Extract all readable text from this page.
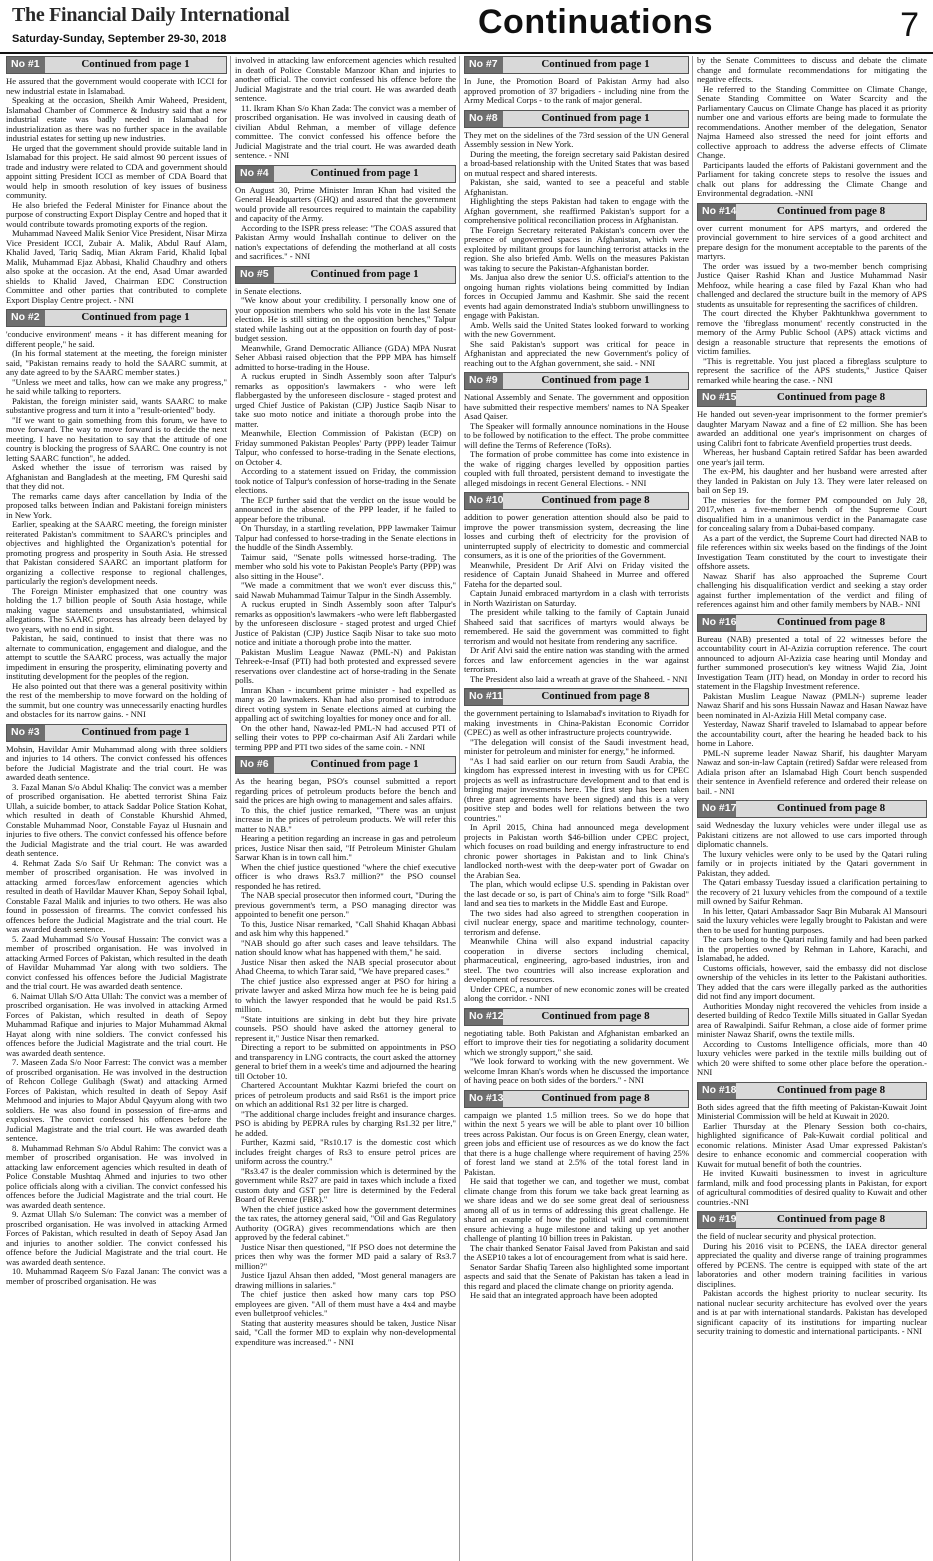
The Financial Daily International
Saturday-Sunday, September 29-30, 2018	Continuations	7
No #1	Continued from page 1

He assured that the government would cooperate with ICCI for new industrial estate in Islamabad.

Speaking at the occasion, Sheikh Amir Waheed, President, Islamabad Chamber of Commerce & Industry said that a new industrial estate was badly needed in Islamabad for industrialization as there was no further space in the available industrial estates for setting up new industries.

He urged that the government should provide suitable land in Islamabad for this project. He said almost 90 percent issues of trade and industry were related to CDA and government should appoint sitting President ICCI as member of CDA Board that would help in smooth resolution of key issues of business community.

He also briefed the Federal Minister for Finance about the purpose of constructing Export Display Centre and hoped that it would contribute towards promoting exports of the region.

Muhammad Naveed Malik Senior Vice President, Nisar Mirza Vice President ICCI, Zubair A. Malik, Abdul Rauf Alam, Khalid Javed, Tariq Sadiq, Mian Akram Farid, Khalid Iqbal Malik, Muhammad Ejaz Abbasi, Khalid Chaudhry and others also spoke at the occasion. At the end, Asad Umar awarded shields to Khalid Javed, Chairman EDC Construction Committee and other parties that contributed to complete Export Display Centre project. - NNI

No #2	Continued from page 1

'conducive environment' means - it has different meaning for different people," he said.

(In his formal statement at the meeting, the foreign minister said, "Pakistan remains ready to hold the SAARC summit, at any date agreed to by the SAARC member states.)

"Unless we meet and talks, how can we make any progress," he said while talking to reporters.

Pakistan, the foreign minister said, wants SAARC to make substantive progress and turn it into a "result-oriented" body.

"If we want to gain something from this forum, we have to move forward. The way to move forward is to decide the next meeting. I have no hesitation to say that the attitude of one country is blocking the progress of SAARC. One country is not letting SAARC function", he added.

Asked whether the issue of terrorism was raised by Afghanistan and Bangladesh at the meeting, FM Qureshi said that they did not.

The remarks came days after cancellation by India of the proposed talks between Indian and Pakistani foreign ministers in New York.

Earlier, speaking at the SAARC meeting, the foreign minister reiterated Pakistan's commitment to SAARC's principles and objectives and highlighted the Organization's potential for promoting progress and prosperity in South Asia. He stressed that Pakistan considered SAARC an important platform for organizing a collective response to regional challenges, particularly the region's development needs.

The Foreign Minister emphasized that one country was holding the 1.7 billion people of South Asia hostage, while making vague statements and unsubstantiated, whimsical allegations. The SAARC process has already been delayed by two years, with no end in sight.

Pakistan, he said, continued to insist that there was no alternate to communication, engagement and dialogue, and the attempt to scuttle the SAARC process, was actually the major impediment in ensuring the prosperity, eliminating poverty and instituting development for the peoples of the region.

He also pointed out that there was a general positivity within the rest of the membership to move forward on the holding of the summit, but one country was unnecessarily enacting hurdles and obstacles for its narrow gains. - NNI

No #3	Continued from page 1

Mohsin, Havildar Amir Muhammad along with three soldiers and injuries to 14 others. The convict confessed his offences before the Judicial Magistrate and the trial court. He was awarded death sentence.

3. Fazal Manan S/o Abdul Khaliq: The convict was a member of proscribed organisation. He abetted terrorist Shina Faiz Ullah, a suicide bomber, to attack Saddar Police Station Kohat, which resulted in death of Constable Khurshid Ahmed, Constable Muhammad Noor, Constable Fayaz ul Husnain and injuries to five others. The convict confessed his offence before the Judicial Magistrate and the trial court. He was awarded death sentence.

4. Rehmat Zada S/o Saif Ur Rehman: The convict was a member of proscribed organisation. He was involved in attacking armed forces/law enforcement agencies which resulted in death of Havildar Mauver Khan, Sepoy Sohail Iqbal, Constable Fazal Malik and injuries to two others. He was also found in possession of firearms. The convict confessed his offences before the Judicial Magistrate and the trial court. He was awarded death sentence.

5. Zaad Muhammad S/o Yousaf Hussain: The convict was a member of proscribed organisation. He was involved in attacking Armed Forces of Pakistan, which resulted in the death of Havildar Muhammad Yar along with two soldiers. The convict confessed his offences before the Judicial Magistrate and the trial court. He was awarded death sentence.

6. Naimat Ullah S/O Atta Ullah: The convict was a member of proscribed organisation. He was involved in attacking Armed Forces of Pakistan, which resulted in death of Sepoy Muhammad Rafique and injuries to Major Muhammad Akmal Hayat along with nine soldiers. The convict confessed his offences before the Judicial Magistrate and the trial court. He was awarded death sentence.

7. Maseen Zada S/o Noor Farrest: The convict was a member of proscribed organisation. He was involved in the destruction of Rehcon College Gulibagh (Swat) and attacking Armed Forces of Pakistan, which resulted in death of Sepoy Asif Mehmood and injuries to Major Abdul Qayyum along with two soldiers. He was also found in possession of fire-arms and explosives. The convict confessed his offences before the Judicial Magistrate and the trial court. He was awarded death sentence.

8. Muhammad Rehman S/o Abdul Rahim: The convict was a member of proscribed organisation. He was involved in attacking law enforcement agencies which resulted in death of Police Constable Mushtaq Ahmed and injuries to two other police officials along with a civilian. The convict confessed his offences before the Judicial Magistrate and the trial court. He was awarded death sentence.

9. Azmat Ullah S/o Suleman: The convict was a member of proscribed organisation. He was involved in attacking Armed Forces of Pakistan, which resulted in death of Sepoy Asad Jan and injuries to another soldier. The convict confessed his offence before the Judicial Magistrate and the trial court. He was awarded death sentence.

10. Muhammad Raqeem S/o Fazal Janan: The convict was a member of proscribed organisation. He was

involved in attacking law enforcement agencies which resulted in death of Police Constable Manzoor Khan and injuries to another official. The convict confessed his offence before the Judicial Magistrate and the trial court. He was awarded death sentence.

11. Ikram Khan S/o Khan Zada: The convict was a member of proscribed organisation. He was involved in causing death of civilian Abdul Rehman, a member of village defence committee. The convict confessed his offence before the Judicial Magistrate and the trial court. He was awarded death sentence. - NNI

No #4	Continued from page 1

On August 30, Prime Minister Imran Khan had visited the General Headquarters (GHQ) and assured that the government would provide all resources required to maintain the capability and capacity of the Army.

According to the ISPR press release: "The COAS assured that Pakistan Army would Inshallah continue to deliver on the nation's expectations of defending the motherland at all costs and sacrifices." - NNI

No #5	Continued from page 1

in Senate elections.

"We know about your credibility. I personally know one of your opposition members who sold his vote in the last Senate election. He is still sitting on the opposition benches," Talpur stated while lashing out at the opposition on fourth day of post-budget session.

Meanwhile, Grand Democratic Alliance (GDA) MPA Nusrat Seher Abbasi raised objection that the PPP MPA has himself admitted to horse-trading in the House.

A ruckus erupted in Sindh Assembly soon after Talpur's remarks as opposition's lawmakers - who were left flabbergasted by the unforeseen disclosure - staged protest and urged Chief Justice of Pakistan (CJP) Justice Saqib Nisar to take suo moto notice and initiate a thorough probe into the matter.

Meanwhile, Election Commission of Pakistan (ECP) on Friday summoned Pakistan Peoples' Party (PPP) leader Taimur Talpur, who confessed to horse-trading in the Senate elections, on October 4.

According to a statement issued on Friday, the commission took notice of Talpur's confession of horse-trading in the Senate elections.

The ECP further said that the verdict on the issue would be announced in the absence of the PPP leader, if he failed to appear before the tribunal.

On Thursday, in a startling revelation, PPP lawmaker Taimur Talpur had confessed to horse-trading in the Senate elections in the huddle of the Sindh Assembly.

Taimur said, "Senate polls witnessed horse-trading. The member who sold his vote to Pakistan People's Party (PPP) was also sitting in the House".

"We made a commitment that we won't ever discuss this," said Nawab Muhammad Taimur Talpur in the Sindh Assembly.

A ruckus erupted in Sindh Assembly soon after Talpur's remarks as opposition's lawmakers -who were left flabbergasted by the unforeseen disclosure - staged protest and urged Chief Justice of Pakistan (CJP) Justice Saqib Nisar to take suo moto notice and initiate a thorough probe into the matter.

Pakistan Muslim League Nawaz (PML-N) and Pakistan Tehreek-e-Insaf (PTI) had both protested and expressed severe reservations over clandestine act of horse-trading in the Senate polls.

Imran Khan - incumbent prime minister - had expelled as many as 20 lawmakers. Khan had also promised to introduce direct voting system in Senate elections aimed at curbing the appalling act of switching loyalties for money once and for all.

On the other hand, Nawaz-led PML-N had accused PTI of selling their votes to PPP co-chairman Asif Ali Zardari while terming PPP and PTI two sides of the same coin. - NNI

No #6	Continued from page 1

As the hearing began, PSO's counsel submitted a report regarding prices of petroleum products before the bench and said the prices are high owing to management and sales affairs.

To this, the chief justice remarked, "There was an unjust increase in the prices of petroleum products. We will refer this matter to NAB."

Hearing a petition regarding an increase in gas and petroleum prices, Justice Nisar then said, "If Petroleum Minister Ghulam Sarwar Khan is in town call him."

When the chief justice questioned "where the chief executive officer is who draws Rs3.7 million?" the PSO counsel responded he has retired.

The NAB special prosecutor then informed court, "During the previous government's term, a PSO managing director was appointed to benefit one person."

To this, Justice Nisar remarked, "Call Shahid Khaqan Abbasi and ask him why this happened."

"NAB should go after such cases and leave tehsildars. The nation should know what has happened with them," he said.

Justice Nisar then asked the NAB special prosecutor about Ahad Cheema, to which Tarar said, "We have prepared cases."

The chief justice also expressed anger at PSO for hiring a private lawyer and asked Mirza how much fee he is being paid to which the lawyer responded that he would be paid Rs1.5 million.

"State intuitions are sinking in debt but they hire private counsels. PSO should have asked the attorney general to represent it," Justice Nisar then remarked.

Directing a report to be submitted on appointments in PSO and transparency in LNG contracts, the court asked the attorney general to brief them in a week's time and adjourned the hearing till October 10.

Chartered Accountant Mukhtar Kazmi briefed the court on prices of petroleum products and said Rs61 is the import price on which an additional Rs1 32 per litre is charged.

"The additional charge includes freight and insurance charges. PSO is abiding by PEPRA rules by charging Rs1.32 per litre," he added.

Further, Kazmi said, "Rs10.17 is the domestic cost which includes freight charges of Rs3 to ensure petrol prices are uniform across the country."

"Rs3.47 is the dealer commission which is determined by the government while Rs27 are paid in taxes which include a fixed custom duty and GST per litre is determined by the Federal Board of Revenue (FBR)."

When the chief justice asked how the government determines the tax rates, the attorney general said, "Oil and Gas Regulatory Authority (OGRA) gives recommendations which are then approved by the federal cabinet."

Justice Nisar then questioned, "If PSO does not determine the prices then why was the former MD paid a salary of Rs3.7 million?"

Justice Ijazul Ahsan then added, "Most general managers are drawing millions in salaries."

The chief justice then asked how many cars top PSO employees are given. "All of them must have a 4x4 and maybe even bulletproof vehicles."

Stating that austerity measures should be taken, Justice Nisar said, "Call the former MD to explain why non-developmental expenditure was increased." - NNI

No #7	Continued from page 1

In June, the Promotion Board of Pakistan Army had also approved promotion of 37 brigadiers - including nine from the Army Medical Corps - to the rank of major general.

No #8	Continued from page 1

They met on the sidelines of the 73rd session of the UN General Assembly session in New York.

During the meeting, the foreign secretary said Pakistan desired a broad-based relationship with the United States that was based on mutual respect and shared interests.

Pakistan, she said, wanted to see a peaceful and stable Afghanistan.

Highlighting the steps Pakistan had taken to engage with the Afghan government, she reaffirmed Pakistan's support for a comprehensive political reconciliation process in Afghanistan.

The Foreign Secretary reiterated Pakistan's concern over the presence of ungoverned spaces in Afghanistan, which were exploited by militant groups for launching terrorist attacks in the region. She also briefed Amb. Wells on the measures Pakistan was taking to secure the Pakistan-Afghanistan border.

Ms. Janjua also drew the senior U.S. official's attention to the ongoing human rights violations being committed by Indian forces in Occupied Jammu and Kashmir. She said the recent events had again demonstrated India's stubborn unwillingness to engage with Pakistan.

Amb. Wells said the United States looked forward to working with the new Government.

She said Pakistan's support was critical for peace in Afghanistan and appreciated the new Government's policy of reaching out to the Afghan government, she said. - NNI

No #9	Continued from page 1

National Assembly and Senate. The government and opposition have submitted their respective members' names to NA Speaker Asad Qaiser.

The Speaker will formally announce nominations in the House to be followed by notification to the effect. The probe committee will define the Terms of Reference (ToRs).

The formation of probe committee has come into existence in the wake of rigging charges levelled by opposition parties coupled with full throated, persistent demand to investigate the alleged misdoings in recent General Elections. - NNI

No #10	Continued from page 8

addition to power generation attention should also be paid to improve the power transmission system, decreasing the line losses and curbing theft of electricity for the provision of uninterrupted supply of electricity to domestic and commercial consumers, as it is one of the priorities of the Government.

Meanwhile, President Dr Arif Alvi on Friday visited the residence of Captain Junaid Shaheed in Murree and offered Fateha for the departed soul.

Captain Junaid embraced martyrdom in a clash with terrorists in North Waziristan on Saturday.

The president while talking to the family of Captain Junaid Shaheed said that sacrifices of martyrs would always be remembered. He said the government was committed to fight terrorism and would not hesitate from rendering any sacrifice.

Dr Arif Alvi said the entire nation was standing with the armed forces and law enforcement agencies in the war against terrorism.

The President also laid a wreath at grave of the Shaheed. - NNI

No #11	Continued from page 8

the government pertaining to Islamabad's invitation to Riyadh for making investments in China-Pakistan Economic Corridor (CPEC) as well as other infrastructure projects countrywide.

"The delegation will consist of the Saudi investment head, minister for petroleum and minister for energy," he informed.

"As I had said earlier on our return from Saudi Arabia, the kingdom has expressed interest in investing with us for CPEC projects as well as infrastructure development and to that end is bringing major investments here. The first step has been taken (three grant agreements have been signed) and this is a very positive step and bodes well for relations between the two countries."

In April 2015, China had announced mega development projects in Pakistan worth $46-billion under CPEC project, which focuses on road building and energy infrastructure to end chronic power shortages in Pakistan and to link China's landlocked north-west with the deep-water port of Gwadar on the Arabian Sea.

The plan, which would eclipse U.S. spending in Pakistan over the last decade or so, is part of China's aim to forge "Silk Road" land and sea ties to markets in the Middle East and Europe.

The two sides had also agreed to strengthen cooperation in civil nuclear energy, space and maritime technology, counter-terrorism and defense.

Meanwhile China will also expand industrial capacity cooperation in diverse sectors including chemical, pharmaceutical, engineering, agro-based industries, iron and steel. The two countries will also increase exploration and development of resources.

Under CPEC, a number of new economic zones will be created along the corridor. - NNI

No #12	Continued from page 8

negotiating table. Both Pakistan and Afghanistan embarked an effort to improve their ties for negotiating a solidarity document which we strongly support," she said.

"We look forward to working with the new government. We welcome Imran Khan's words when he discussed the importance of having peace on both sides of the borders." - NNI

No #13	Continued from page 8

campaign we planted 1.5 million trees. So we do hope that within the next 5 years we will be able to plant over 10 billion trees across Pakistan. Our focus is on Green Energy, clean water, green jobs and efficient use of resources as we do know the fact that there is a huge challenge where requirement of having 25% of forest land we stand at 2.5% of the total forest land in Pakistan.

He said that together we can, and together we must, combat climate change from this forum we take back great learning as we share ideas and we do see some great deal of seriousness among all of us in terms of addressing this great challenge. He shared an example of how the political will and commitment ensure achieving a huge milestone and taking up yet another challenge of planting 10 billion trees in Pakistan.

The chair thanked Senator Faisal Javed from Pakistan and said the ASEP10 takes a lot of encouragement from what is said here.

Senator Sardar Shafiq Tareen also highlighted some important aspects and said that the Senate of Pakistan has taken a lead in this regard and placed the climate change on priority agenda.

He said that an integrated approach have been adopted

by the Senate Committees to discuss and debate the climate change and formulate recommendations for mitigating the negative effects.

He referred to the Standing Committee on Climate Change, Senate Standing Committee on Water Scarcity and the Parliamentary Caucus on Climate Change has placed it as priority number one and various efforts are being made to formulate the recommendations. Another member of the delegation, Senator Najma Hameed also stressed the need for joint efforts and collective approach to address the adverse effects of Climate Change.

Participants lauded the efforts of Pakistani government and the Parliament for taking concrete steps to resolve the issues and chalk out plans for addressing the Climate Change and Environmental degradation. -NNI

No #14	Continued from page 8

over current monument for APS martyrs, and ordered the provincial government to hire services of a good architect and prepare design for the monument acceptable to the parents of the martyrs.

The order was issued by a two-member bench comprising Justice Qaiser Rashid Khan and Justice Muhammad Nasir Mehfooz, while hearing a case filed by Fazal Khan who had challenged and declared the structure built in the memory of APS students as unsuitable for representing the sacrifices of children.

The court directed the Khyber Pakhtunkhwa government to remove the 'fibreglass monument' recently constructed in the memory of the Army Public School (APS) attack victims and design a reasonable structure that represents the emotions of victim families.

"This is regrettable. You just placed a fibreglass sculpture to represent the sacrifice of the APS students," Justice Qaiser remarked while hearing the case. - NNI

No #15	Continued from page 8

He handed out seven-year imprisonment to the former premier's daughter Maryam Nawaz and a fine of £2 million. She has been awarded an additional one year's imprisonment on charges of using Calibri font to fabricate Avenfield properties trust deeds.

Whereas, her husband Captain retired Safdar has been awarded one year's jail term.

The ex-PM, his daughter and her husband were arrested after they landed in Pakistan on July 13. They were later released on bail on Sep 19.

The miseries for the former PM compounded on July 28, 2017,when a five-member bench of the Supreme Court disqualified him in a unanimous verdict in the Panamagate case for concealing salary from a Dubai-based company.

As a part of the verdict, the Supreme Court had directed NAB to file references within six weeks based on the findings of the Joint Investigation Team constituted by the court to investigate their offshore assets.

Nawaz Sharif has also approached the Supreme Court challenging his disqualification verdict and seeking a stay order against further implementation of the verdict and filing of references against him and other family members by NAB.- NNI

No #16	Continued from page 8

Bureau (NAB) presented a total of 22 witnesses before the accountability court in Al-Azizia corruption reference. The court announced to adjourn Al-Azizia case hearing until Monday and further summoned prosecution's key witness Wajid Zia, Joint Investigation Team (JIT) head, on Monday in order to record his statement in the Flagship Investment reference.

Pakistan Muslim League Nawaz (PMLN-) supreme leader Nawaz Sharif and his sons Hussain Nawaz and Hasan Nawaz have been nominated in Al-Azizia Hill Metal company case.

Yesterday, Nawaz Sharif traveled to Islamabad to appear before the accountability court, after the hearing he headed back to his home in Lahore.

PML-N supreme leader Nawaz Sharif, his daughter Maryam Nawaz and son-in-law Captain (retired) Safdar were released from Adiala prison after an Islamabad High Court bench suspended their sentence in Avenfield reference and ordered their release on bail. - NNI

No #17	Continued from page 8

said Wednesday the luxury vehicles were under illegal use as Pakistani citizens are not allowed to use cars imported through diplomatic channels.

The luxury vehicles were only to be used by the Qatari ruling family or in projects initiated by the Qatari government in Pakistan, they added.

The Qatari embassy Tuesday issued a clarification pertaining to the recovery of 21 luxury vehicles from the compound of a textile mill owned by Saifur Rehman.

In his letter, Qatari Ambassador Saqr Bin Mubarak Al Mansouri said the luxury vehicles were legally brought to Pakistan and were then to be used for hunting purposes.

The cars belong to the Qatari ruling family and had been parked in the properties owned by Rehman in Lahore, Karachi, and Islamabad, he added.

Customs officials, however, said the embassy did not disclose ownership of the vehicles in its letter to the Pakistani authorities. They added that the cars were illegally parked as the authorities did not find any import document.

Authorities Monday night recovered the vehicles from inside a deserted building of Redco Textile Mills situated in Gallar Syedan area of Rawalpindi. Saifur Rehman, a close aide of former prime minister Nawaz Sharif, owns the textile mills.

According to Customs Intelligence officials, more than 40 luxury vehicles were parked in the textile mills building out of which 20 were shifted to some other place before the operation.-NNI

No #18	Continued from page 8

Both sides agreed that the fifth meeting of Pakistan-Kuwait Joint Ministerial Commission will be held at Kuwait in 2020.

Earlier Thursday at the Plenary Session both co-chairs, highlighted significance of Pak-Kuwait cordial political and economic relations. Minister Asad Umar expressed Pakistan's desire to enhance economic and commercial cooperation with Kuwait for mutual benefit of both the countries.

He invited Kuwaiti businessmen to invest in agriculture farmland, milk and food processing plants in Pakistan, for export of agricultural commodities of desired quality to Kuwait and other countries.-NNI

No #19	Continued from page 8

the field of nuclear security and physical protection.

During his 2016 visit to PCENS, the IAEA director general appreciated the quality and diverse range of training programmes offered by PCENS. The centre is equipped with state of the art laboratories and other modern training facilities in various disciplines.

Pakistan accords the highest priority to nuclear security. Its national nuclear security architecture has evolved over the years and is at par with international standards. Pakistan has developed significant capacity of its institutions for imparting nuclear security training to domestic and international participants. - NNI
